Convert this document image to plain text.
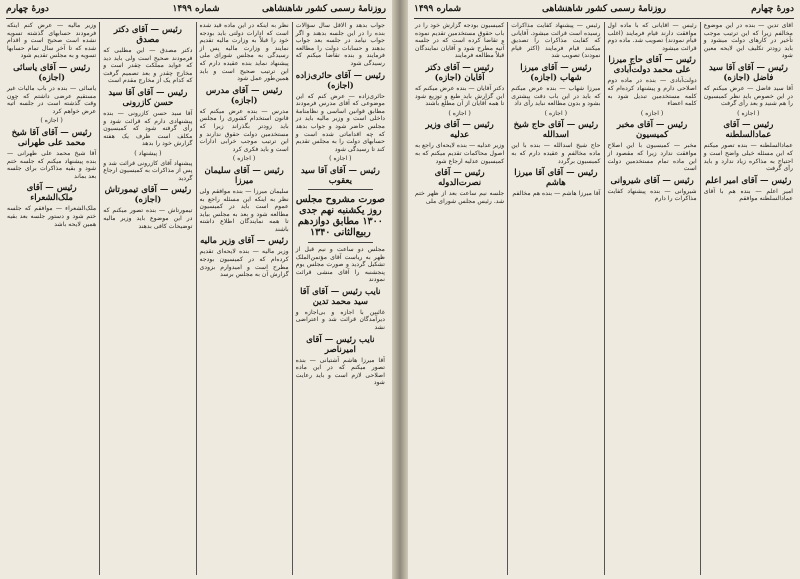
روزنامهٔ رسمی کشور شاهنشاهی
شماره ۱۴۹۹
دورهٔ چهارم

جواب بدهد و الاقل سال سؤالات بنده را در این جلسه بدهند و اگر جواب نیامد در جلسه بعد جواب بدهند و حسابات دولت را مطالعه فرمایند و بنده تقاضا میکنم که رسیدگی شود

رئیس — آقای حائری‌زاده (اجازه)

حائری‌زاده — عرض کنم که این موضوعی که آقای مدرس فرمودند مطابق قوانین اساسی و نظامنامهٔ داخلی است و وزیر مالیه باید در مجلس حاضر شود و جواب بدهد که چه اقداماتی شده است و حسابهای دولت را به مجلس تقدیم کند تا رسیدگی شود

( اجازه )
رئیس — آقای آقا سید یعقوب
صورت مشروح مجلس روز یکشنبه نهم جدی ۱۳۰۰ مطابق دوازدهم ربیع‌الثانی ۱۳۴۰

مجلس دو ساعت و نیم قبل از ظهر به ریاست آقای مؤتمن‌الملک تشکیل گردید و صورت مجلس یوم پنجشنبه را آقای منشی قرائت نمودند

نایب رئیس — آقای آقا سید محمد تدین

غائبین با اجازه و بی‌اجازه و دیرآمدگان قرائت شد و اعتراضی نشد

نایب رئیس — آقای امیرناصر

آقا میرزا هاشم آشتیانی — بنده تصور میکنم که در این ماده اصلاحی لازم است و باید رعایت شود

نظر به اینکه در این ماده قید شده است که ادارات دولتی باید بودجه خود را قبلاً به وزارت مالیه تقدیم نمایند و وزارت مالیه پس از رسیدگی به مجلس شورای ملی پیشنهاد نماید بنده عقیده دارم که این ترتیب صحیح است و باید همین‌طور عمل شود

رئیس — آقای مدرس (اجازه)

مدرس — بنده عرض میکنم که قانون استخدام کشوری را مجلس باید زودتر بگذراند زیرا که مستخدمین دولت حقوق ندارند و این ترتیب موجب خرابی ادارات است و باید فکری کرد

( اجازه )
رئیس — آقای سلیمان میرزا

سلیمان میرزا — بنده موافقم ولی نظر به اینکه این مسئله راجع به عموم است باید در کمیسیون مطالعه شود و بعد به مجلس بیاید تا همه نمایندگان اطلاع داشته باشند

رئیس — آقای وزیر مالیه

وزیر مالیه — بنده لایحه‌ای تقدیم کرده‌ام که در کمیسیون بودجه مطرح است و امیدوارم بزودی گزارش آن به مجلس برسد

رئیس — آقای دکتر مصدق

دکتر مصدق — این مطلبی که فرمودند صحیح است ولی باید دید که عواید مملکت چقدر است و مخارج چقدر و بعد تصمیم گرفت که کدام یک از مخارج مقدم است

رئیس — آقای آقا سید حسن کازرونی

آقا سید حسن کازرونی — بنده پیشنهادی دارم که قرائت شود و رأی گرفته شود که کمیسیون مکلف است ظرف یک هفته گزارش خود را بدهد

( پیشنهاد )

پیشنهاد آقای کازرونی قرائت شد و پس از مذاکرات به کمیسیون ارجاع گردید

رئیس — آقای تیمورتاش (اجازه)

تیمورتاش — بنده تصور میکنم که در این موضوع باید وزیر مالیه توضیحات کافی بدهند

وزیر مالیه — عرض کنم اینکه فرمودند حسابهای گذشته تسویه نشده است صحیح است و اقدام شده که تا آخر سال تمام حسابها تسویه و به مجلس تقدیم شود

رئیس — آقای یاسائی (اجازه)

یاسائی — بنده در باب مالیات غیر مستقیم عرضی داشتم که چون وقت گذشته است در جلسه آتیه عرض خواهم کرد

( اجازه )
رئیس — آقای آقا شیخ محمد علی طهرانی

آقا شیخ محمد علی طهرانی — بنده پیشنهاد میکنم که جلسه ختم شود و بقیه مذاکرات برای جلسه بعد بماند

رئیس — آقای ملک‌الشعراء

ملک‌الشعراء — موافقم که جلسه ختم شود و دستور جلسه بعد بقیه همین لایحه باشد

دورهٔ چهارم
روزنامهٔ رسمی کشور شاهنشاهی
شماره ۱۴۹۹

آقای تدین — بنده در این موضوع مخالفم زیرا که این ترتیب موجب تأخیر در کارهای دولت میشود و باید زودتر تکلیف این لایحه معین شود

رئیس — آقای آقا سید فاضل (اجازه)

آقا سید فاضل — عرض میکنم که در این خصوص باید نظر کمیسیون را هم شنید و بعد رأی گرفت

( اجازه )
رئیس — آقای عمادالسلطنه

عمادالسلطنه — بنده تصور میکنم که این مسئله خیلی واضح است و احتیاج به مذاکره زیاد ندارد و باید رأی گرفت

رئیس — آقای امیر اعلم

امیر اعلم — بنده هم با آقای عمادالسلطنه موافقم

رئیس — آقایانی که با ماده اول موافقت دارند قیام فرمایند (اغلب قیام نمودند) تصویب شد. ماده دوم قرائت میشود

رئیس — آقای حاج میرزا علی محمد دولت‌آبادی

دولت‌آبادی — بنده در ماده دوم اصلاحی دارم و پیشنهاد کرده‌ام که کلمه مستخدمین تبدیل شود به کلمه اعضاء

( اجازه )
رئیس — آقای مخبر کمیسیون

مخبر — کمیسیون با این اصلاح موافقت ندارد زیرا که مقصود از این ماده تمام مستخدمین دولت است

رئیس — آقای شیروانی

شیروانی — بنده پیشنهاد کفایت مذاکرات را دارم

رئیس — پیشنهاد کفایت مذاکرات رسیده است قرائت میشود. آقایانی که کفایت مذاکرات را تصدیق میکنند قیام فرمایند (اکثر قیام نمودند) تصویب شد

رئیس — آقای میرزا شهاب (اجازه)

میرزا شهاب — بنده عرض میکنم که باید در این باب دقت بیشتری بشود و بدون مطالعه نباید رأی داد

( اجازه )
رئیس — آقای حاج شیخ اسدالله

حاج شیخ اسدالله — بنده با این ماده مخالفم و عقیده دارم که به کمیسیون برگردد

رئیس — آقای آقا میرزا هاشم

آقا میرزا هاشم — بنده هم مخالفم

کمیسیون بودجه گزارش خود را در باب حقوق مستخدمین تقدیم نموده و تقاضا کرده است که در جلسه آتیه مطرح شود و آقایان نمایندگان قبلاً مطالعه فرمایند

رئیس — آقای دکتر آقایان (اجازه)

دکتر آقایان — بنده عرض میکنم که این گزارش باید طبع و توزیع شود تا همه آقایان از آن مطلع باشند

( اجازه )
رئیس — آقای وزیر عدلیه

وزیر عدلیه — بنده لایحه‌ای راجع به اصول محاکمات تقدیم میکنم که به کمیسیون عدلیه ارجاع شود

رئیس — آقای نصرت‌الدوله

جلسه نیم ساعت بعد از ظهر ختم شد. رئیس مجلس شورای ملی
